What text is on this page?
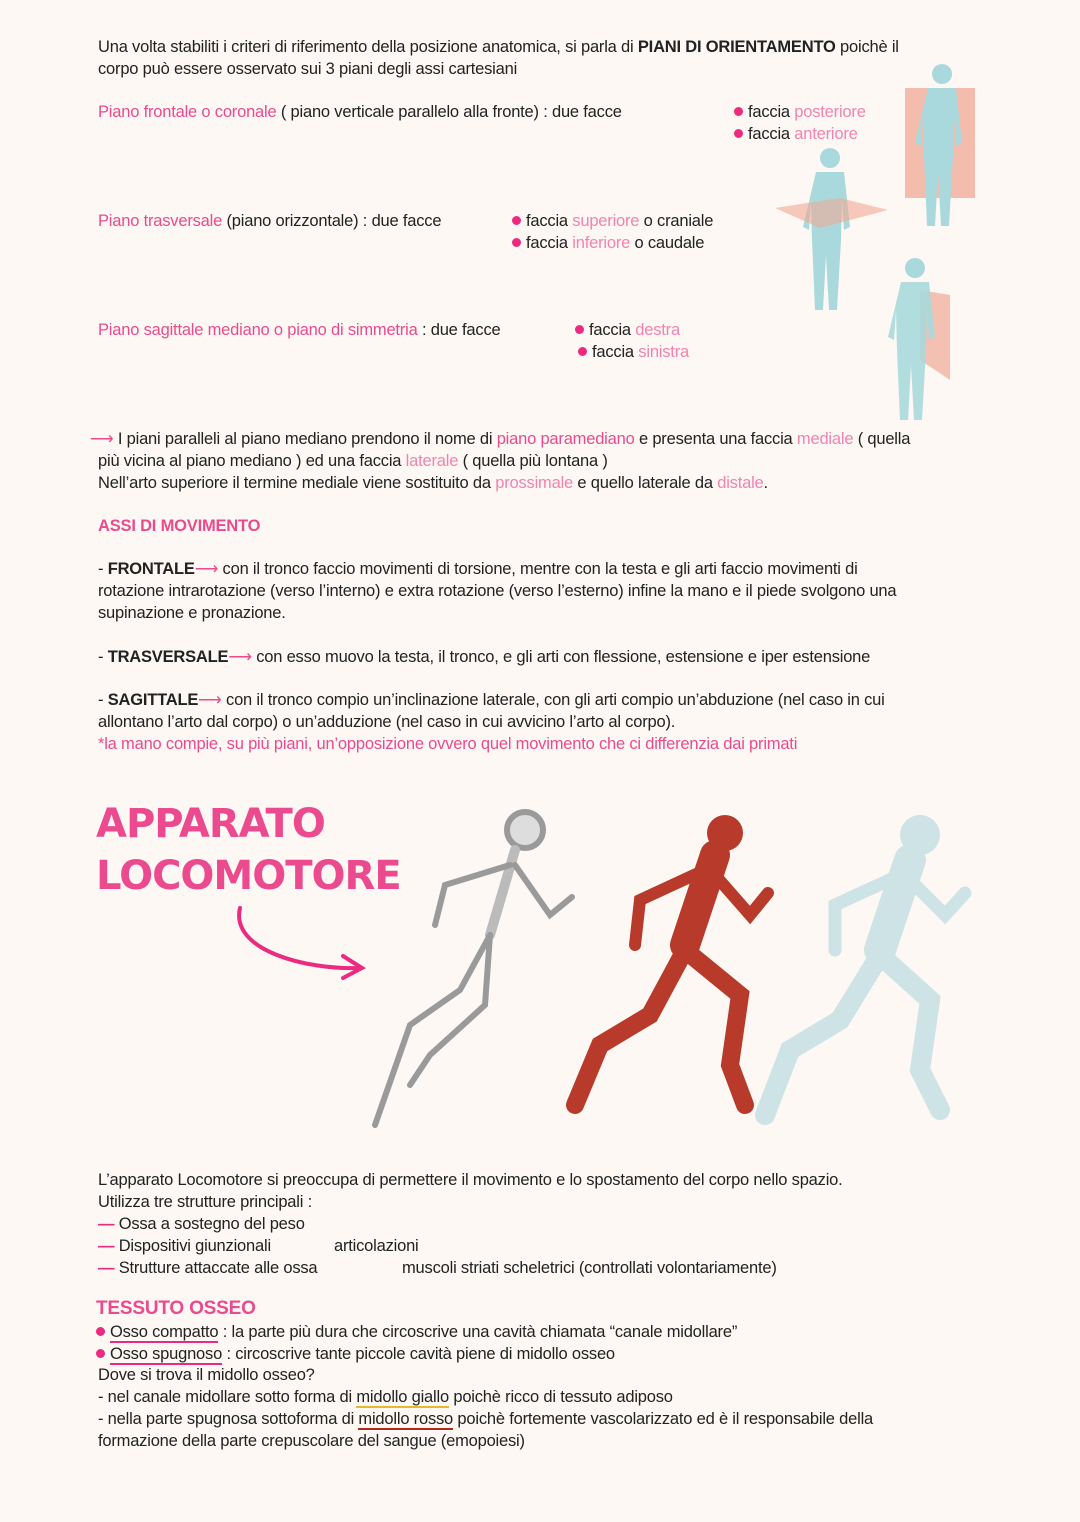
Una volta stabiliti i criteri di riferimento della posizione anatomica, si parla di PIANI DI ORIENTAMENTO poichè il
corpo può essere osservato sui 3 piani degli assi cartesiani
Piano frontale o coronale ( piano verticale parallelo alla fronte) : due facce	faccia posteriore
faccia anteriore
Piano trasversale (piano orizzontale) : due facce	faccia superiore o craniale
faccia inferiore o caudale
Piano sagittale mediano o piano di simmetria : due facce	faccia destra
faccia sinistra
⟶ I piani paralleli al piano mediano prendono il nome di piano paramediano e presenta una faccia mediale ( quella
più vicina al piano mediano ) ed una faccia laterale ( quella più lontana )
Nell’arto superiore il termine mediale viene sostituito da prossimale e quello laterale da distale.
ASSI DI MOVIMENTO
- FRONTALE⟶ con il tronco faccio movimenti di torsione, mentre con la testa e gli arti faccio movimenti di
rotazione intrarotazione (verso l’interno) e extra rotazione (verso l’esterno) infine la mano e il piede svolgono una
supinazione e pronazione.
- TRASVERSALE⟶ con esso muovo la testa, il tronco, e gli arti con flessione, estensione e iper estensione
- SAGITTALE⟶ con il tronco compio un’inclinazione laterale, con gli arti compio un’abduzione (nel caso in cui
allontano l’arto dal corpo) o un’adduzione (nel caso in cui avvicino l’arto al corpo).
*la mano compie, su più piani, un’opposizione ovvero quel movimento che ci differenzia dai primati
APPARATO
LOCOMOTORE
L’apparato Locomotore si preoccupa di permettere il movimento e lo spostamento del corpo nello spazio.
Utilizza tre strutture principali :
— Ossa a sostegno del peso
— Dispositivi giunzionali	articolazioni
— Strutture attaccate alle ossa	muscoli striati scheletrici (controllati volontariamente)
TESSUTO OSSEO
Osso compatto : la parte più dura che circoscrive una cavità chiamata “canale midollare”
Osso spugnoso : circoscrive tante piccole cavità piene di midollo osseo
Dove si trova il midollo osseo?
- nel canale midollare sotto forma di midollo giallo poichè ricco di tessuto adiposo
- nella parte spugnosa sottoforma di midollo rosso poichè fortemente vascolarizzato ed è il responsabile della
formazione della parte crepuscolare del sangue (emopoiesi)
